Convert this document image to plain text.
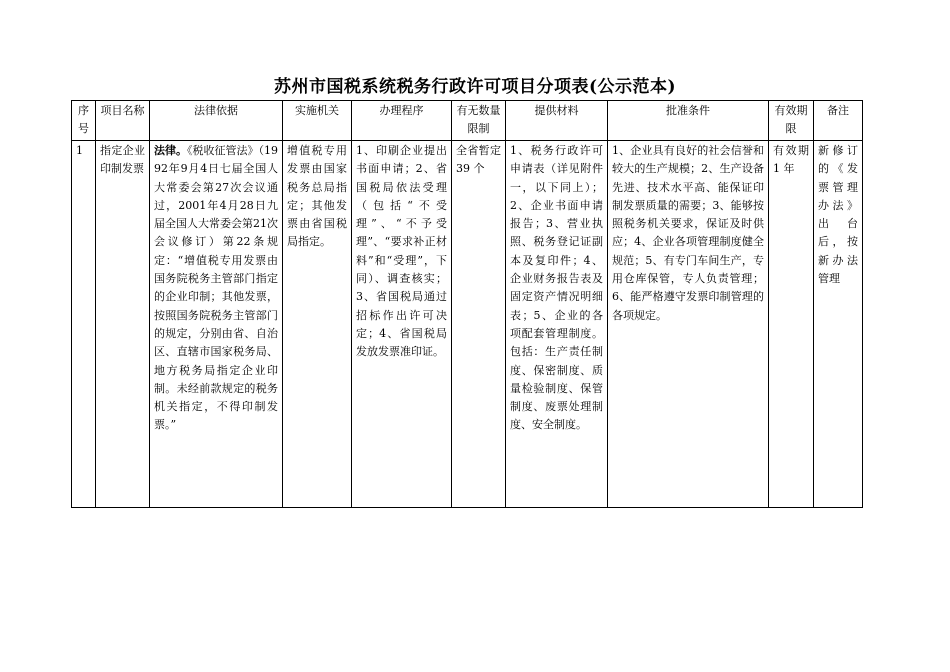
苏州市国税系统税务行政许可项目分项表(公示范本)
序号	项目名称	法律依据	实施机关	办理程序	有无数量限制	提供材料	批准条件	有效期限	备注
1	指定企业印制发票	法律。《税收征管法》（1992年9月4日七届全国人大常委会第27次会议通过，2001年4月28日九届全国人大常委会第21次会议修订）第22条规定：“增值税专用发票由国务院税务主管部门指定的企业印制；其他发票，按照国务院税务主管部门的规定，分别由省、自治区、直辖市国家税务局、地方税务局指定企业印制。未经前款规定的税务机关指定，不得印制发票。”	增值税专用发票由国家税务总局指定；其他发票由省国税局指定。	1、印刷企业提出书面申请；2、省国税局依法受理（包括“不受理”、“不予受理”、“要求补正材料”和“受理”，下同）、调查核实；3、省国税局通过招标作出许可决定；4、省国税局发放发票准印证。	全省暂定 39 个	1、税务行政许可申请表（详见附件一，以下同上）；2、企业书面申请报告；3、营业执照、税务登记证副本及复印件；4、企业财务报告表及固定资产情况明细表；5、企业的各项配套管理制度。包括：生产责任制度、保密制度、质量检验制度、保管制度、废票处理制度、安全制度。	1、企业具有良好的社会信誉和较大的生产规模；2、生产设备先进、技术水平高、能保证印制发票质量的需要；3、能够按照税务机关要求，保证及时供应；4、企业各项管理制度健全规范；5、有专门车间生产，专用仓库保管，专人负责管理；6、能严格遵守发票印制管理的各项规定。	有效期 1 年	新修订的《发票管理办法》出台后，按新办法管理
